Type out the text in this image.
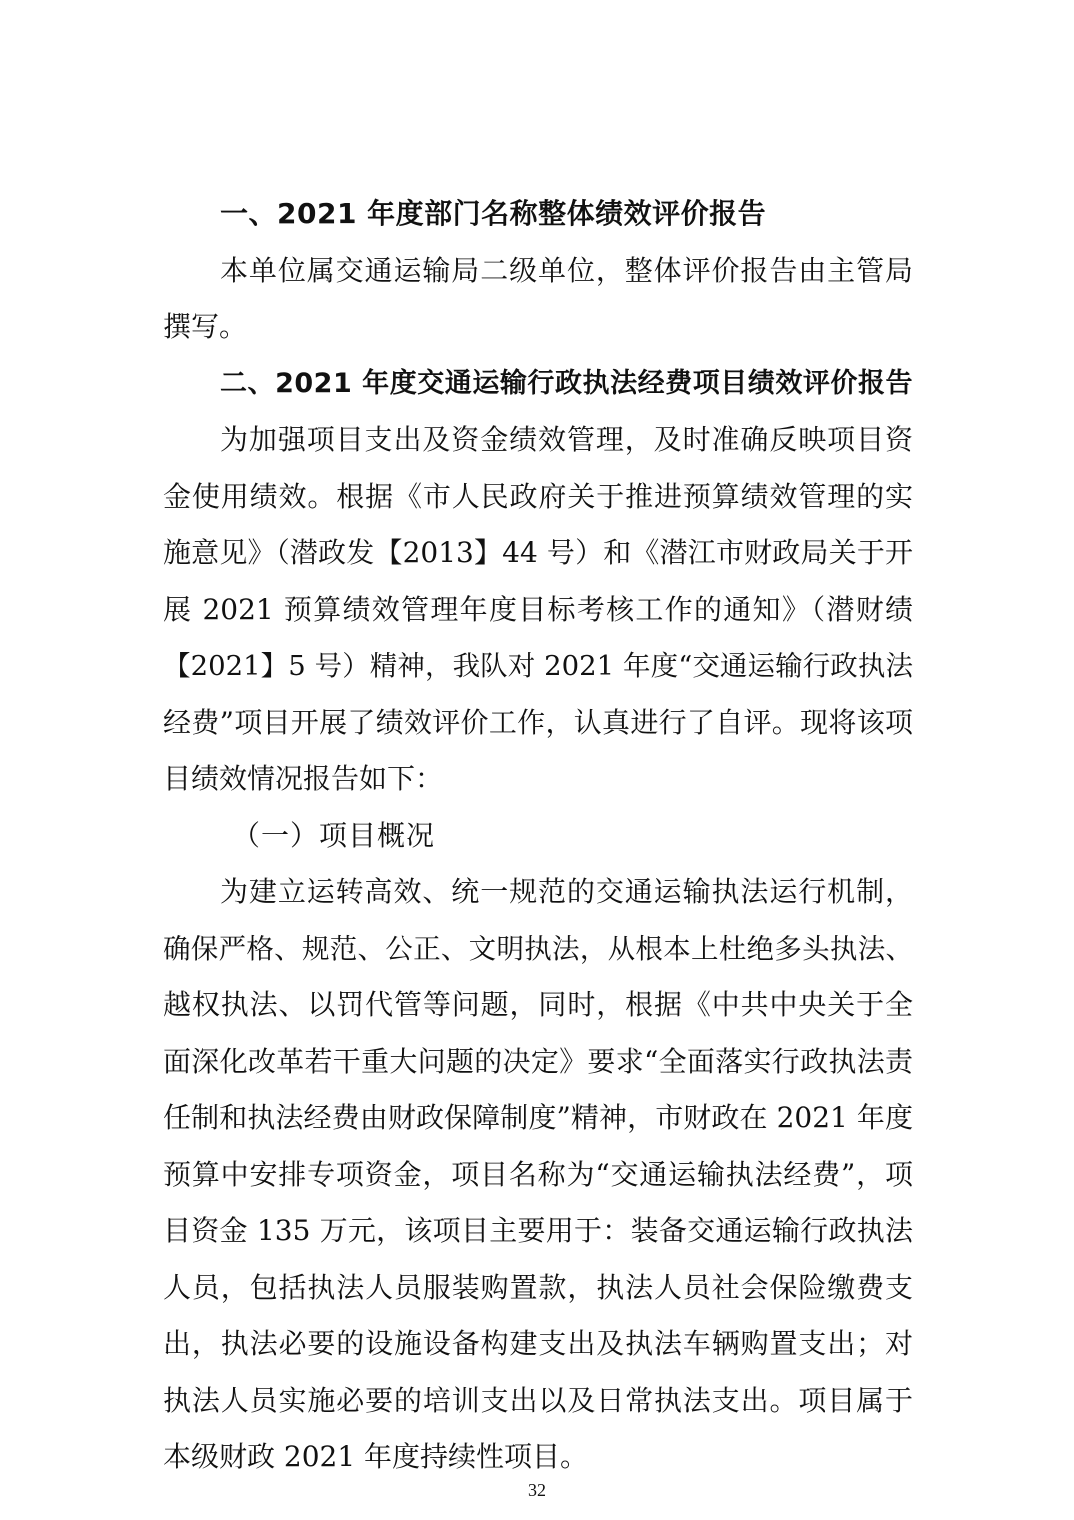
一、2021 年度部门名称整体绩效评价报告
本单位属交通运输局二级单位，整体评价报告由主管局
撰写。
二、2021 年度交通运输行政执法经费项目绩效评价报告
为加强项目支出及资金绩效管理，及时准确反映项目资
金使用绩效。根据《市人民政府关于推进预算绩效管理的实
施意见》（潜政发【2013】44 号）和《潜江市财政局关于开
展 2021 预算绩效管理年度目标考核工作的通知》（潜财绩
【2021】5 号）精神，我队对 2021 年度“交通运输行政执法
经费”项目开展了绩效评价工作，认真进行了自评。现将该项
目绩效情况报告如下：
（一）项目概况
为建立运转高效、统一规范的交通运输执法运行机制，
确保严格、规范、公正、文明执法，从根本上杜绝多头执法、
越权执法、以罚代管等问题，同时，根据《中共中央关于全
面深化改革若干重大问题的决定》要求“全面落实行政执法责
任制和执法经费由财政保障制度”精神，市财政在 2021 年度
预算中安排专项资金，项目名称为“交通运输执法经费”，项
目资金 135 万元，该项目主要用于：装备交通运输行政执法
人员，包括执法人员服装购置款，执法人员社会保险缴费支
出，执法必要的设施设备构建支出及执法车辆购置支出；对
执法人员实施必要的培训支出以及日常执法支出。项目属于
本级财政 2021 年度持续性项目。
32
